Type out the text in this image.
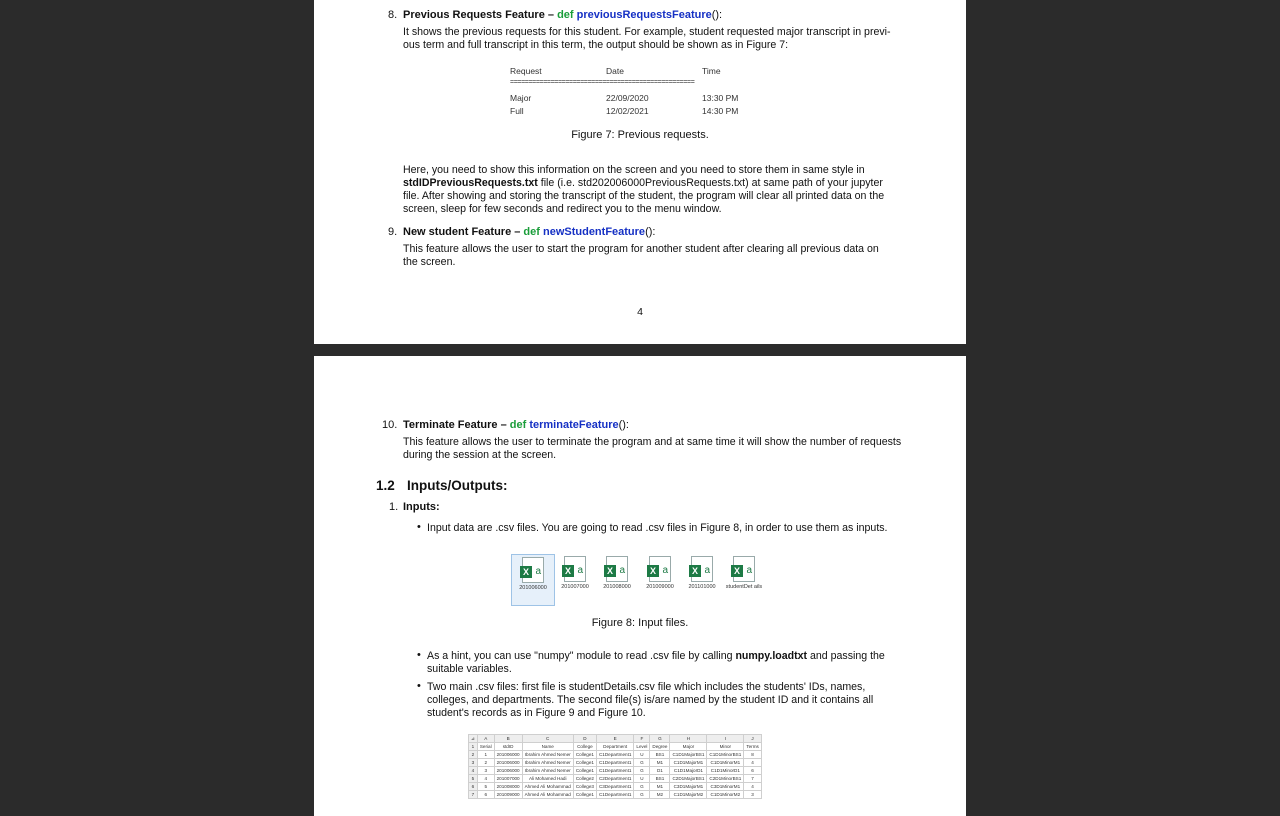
8. Previous Requests Feature – def previousRequestsFeature():
It shows the previous requests for this student. For example, student requested major transcript in previ-
ous term and full transcript in this term, the output should be shown as in Figure 7:
Request	Date	Time
==================================================
Major	22/09/2020	13:30 PM
Full	12/02/2021	14:30 PM
Figure 7: Previous requests.
Here, you need to show this information on the screen and you need to store them in same style in
stdIDPreviousRequests.txt file (i.e. std202006000PreviousRequests.txt) at same path of your jupyter
file. After showing and storing the transcript of the student, the program will clear all printed data on the
screen, sleep for few seconds and redirect you to the menu window.
9. New student Feature – def newStudentFeature():
This feature allows the user to start the program for another student after clearing all previous data on
the screen.
4
10. Terminate Feature – def terminateFeature():
This feature allows the user to terminate the program and at same time it will show the number of requests
during the session at the screen.
1.2 Inputs/Outputs:
1. Inputs:
• Input data are .csv files. You are going to read .csv files in Figure 8, in order to use them as inputs.
X a
201006000
X a
201007000
X a
201008000
X a
201009000
X a
201101000
X a
studentDet ails
Figure 8: Input files.
• As a hint, you can use "numpy" module to read .csv file by calling numpy.loadtxt and passing the
suitable variables.
• Two main .csv files: first file is studentDetails.csv file which includes the students' IDs, names,
colleges, and departments. The second file(s) is/are named by the student ID and it contains all
student's records as in Figure 9 and Figure 10.
⊿	A	B	C	D	E	F	G	H	I	J
1	Serial	stdID	Name	College	Department	Level	Degree	Major	Minor	Terms
2	1	201006000	Ibrahim Ahmed Nemer	College1	C1Department1	U	BS1	C1D1MajorBS1	C1D1MinorBS1	8
3	2	201006000	Ibrahim Ahmed Nemer	College1	C1Department1	G	M1	C1D1MajorM1	C1D1MinorM1	4
4	3	201006000	Ibrahim Ahmed Nemer	College1	C1Department1	G	D1	C1D1MajorD1	C1D1MinorD1	6
5	4	201007000	Ali Mohamed Hadi	College2	C2Department1	U	BS1	C2D1MajorBS1	C2D1MinorBS1	7
6	5	201008000	Ahmed Ali Mohammad	College3	C3Department1	G	M1	C3D1MajorM1	C3D1MinorM1	4
7	6	201009000	Ahmed Ali Mohammad	College1	C1Department1	G	M2	C1D1MajorM2	C1D1MinorM2	3
